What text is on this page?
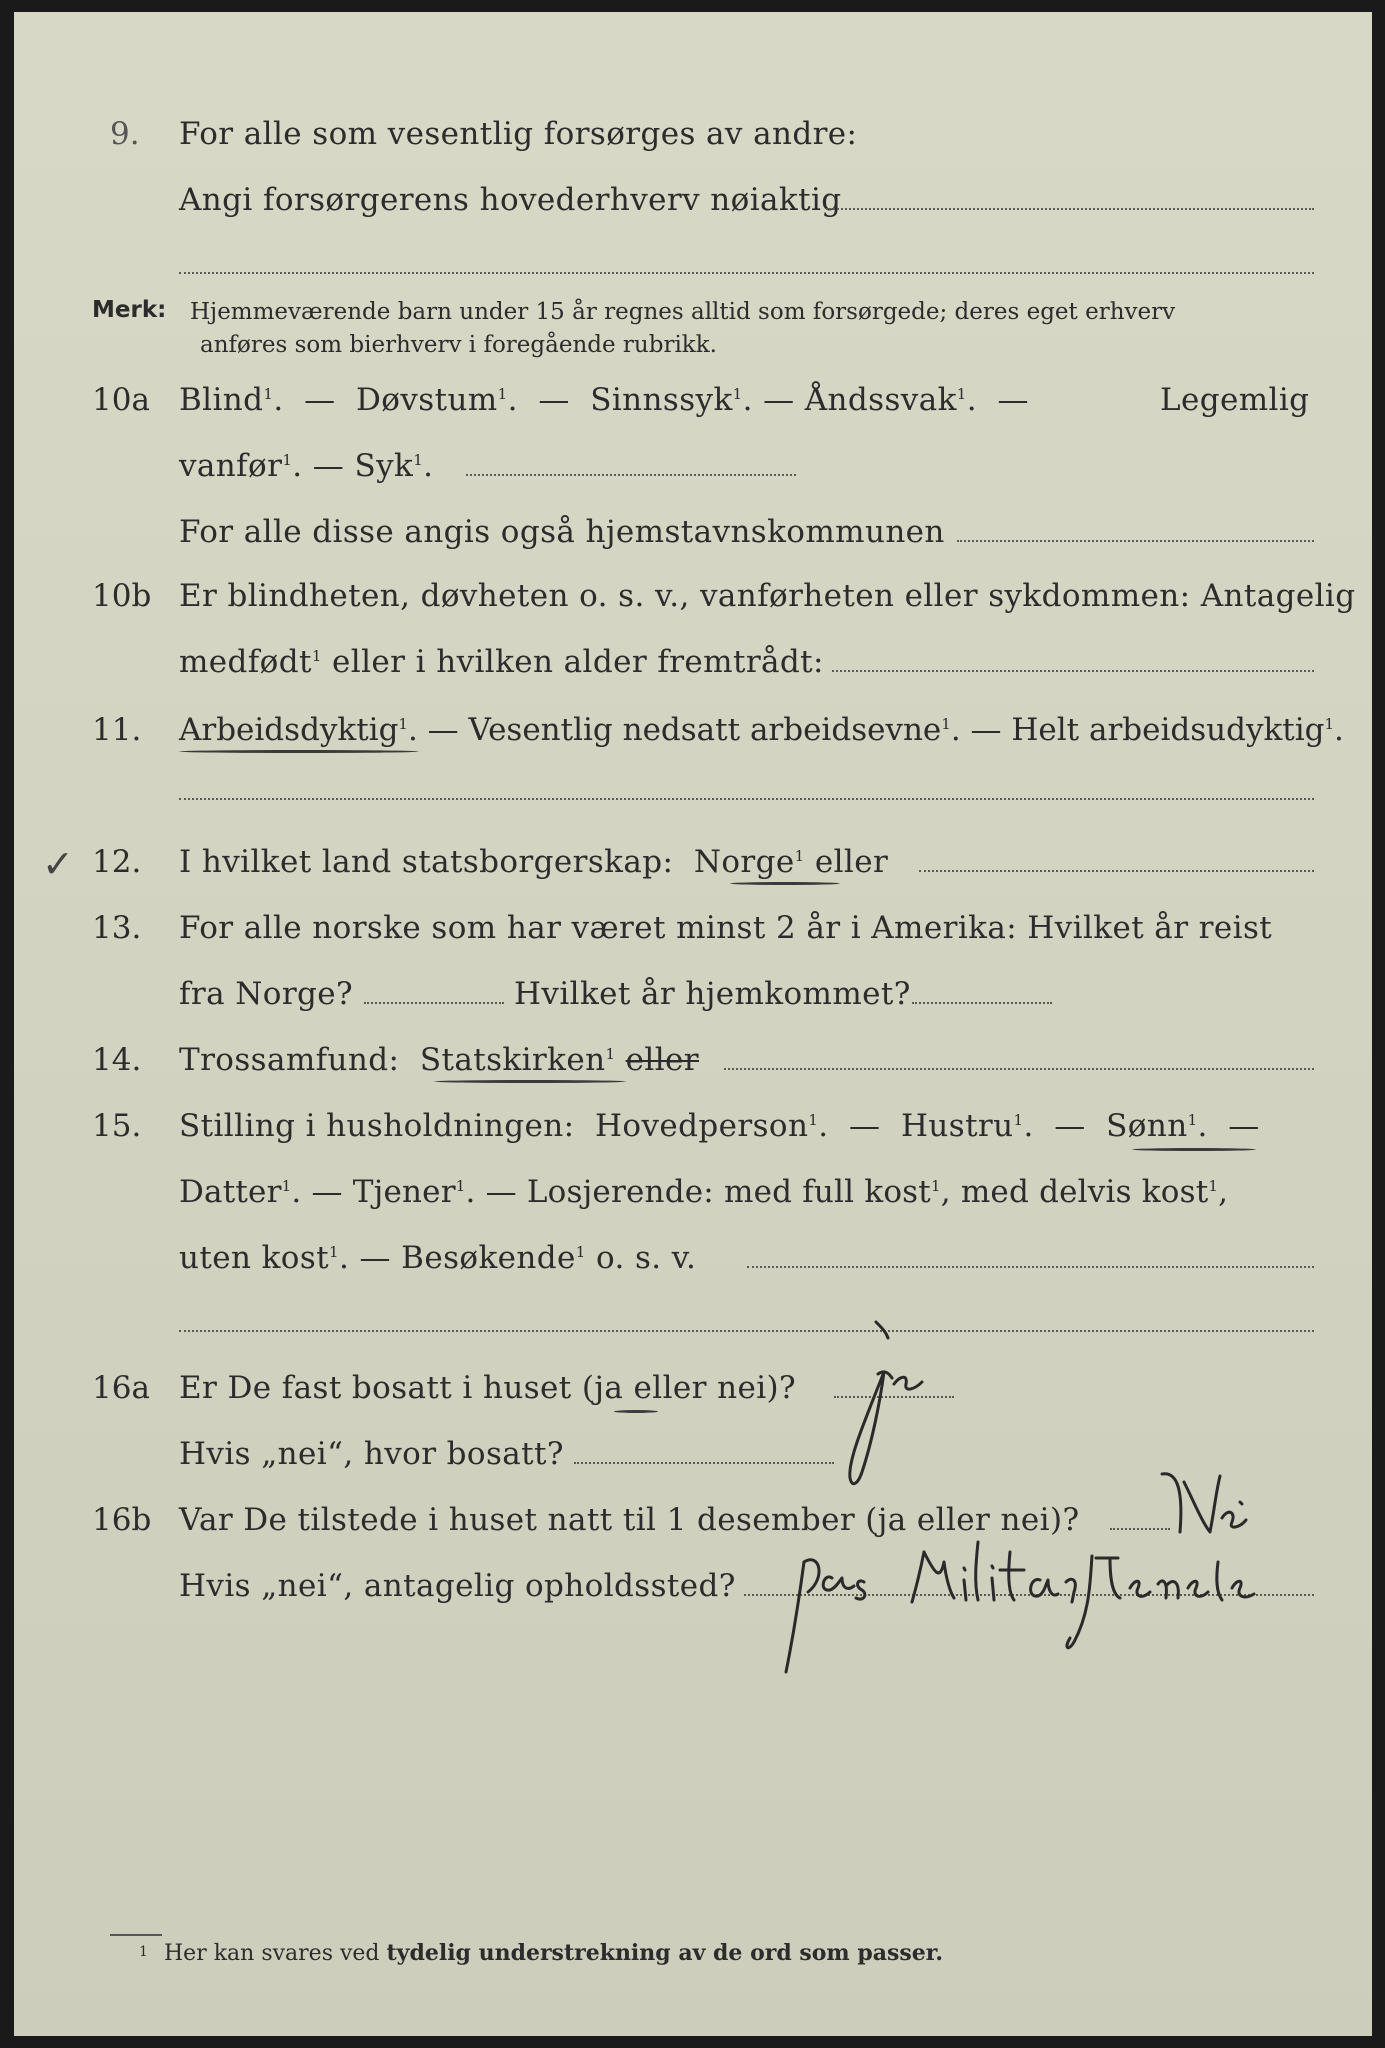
9. For alle som vesentlig forsørges av andre:
Angi forsørgerens hovederhverv nøiaktig
Merk: Hjemmeværende barn under 15 år regnes alltid som forsørgede; deres eget erhverv
anføres som bierhverv i foregående rubrikk.
10a Blind$^1$.  —  Døvstum$^1$.  —  Sinnssyk$^1$. — Åndssvak$^1$.  —	Legemlig
vanfør$^1$. — Syk$^1$.
For alle disse angis også hjemstavnskommunen
10b Er blindheten, døvheten o. s. v., vanførheten eller sykdommen: Antagelig
medfødt$^1$ eller i hvilken alder fremtrådt:
11. Arbeidsdyktig$^1$. — Vesentlig nedsatt arbeidsevne$^1$. — Helt arbeidsudyktig$^1$.
✓ 12. I hvilket land statsborgerskap: Norge$^1$ eller
13. For alle norske som har været minst 2 år i Amerika: Hvilket år reist
fra Norge?	Hvilket år hjemkommet?
14. Trossamfund: Statskirken$^1$ eller
15. Stilling i husholdningen: Hovedperson$^1$.  —  Hustru$^1$.  —  Sønn$^1$.  —
Datter$^1$. — Tjener$^1$. — Losjerende: med full kost$^1$, med delvis kost$^1$,
uten kost$^1$. — Besøkende$^1$ o. s. v.
16a Er De fast bosatt i huset (ja eller nei)?
Hvis „nei“, hvor bosatt?
16b Var De tilstede i huset natt til 1 desember (ja eller nei)?
Hvis „nei“, antagelig opholdssted?
1 Her kan svares ved tydelig understrekning av de ord som passer.
